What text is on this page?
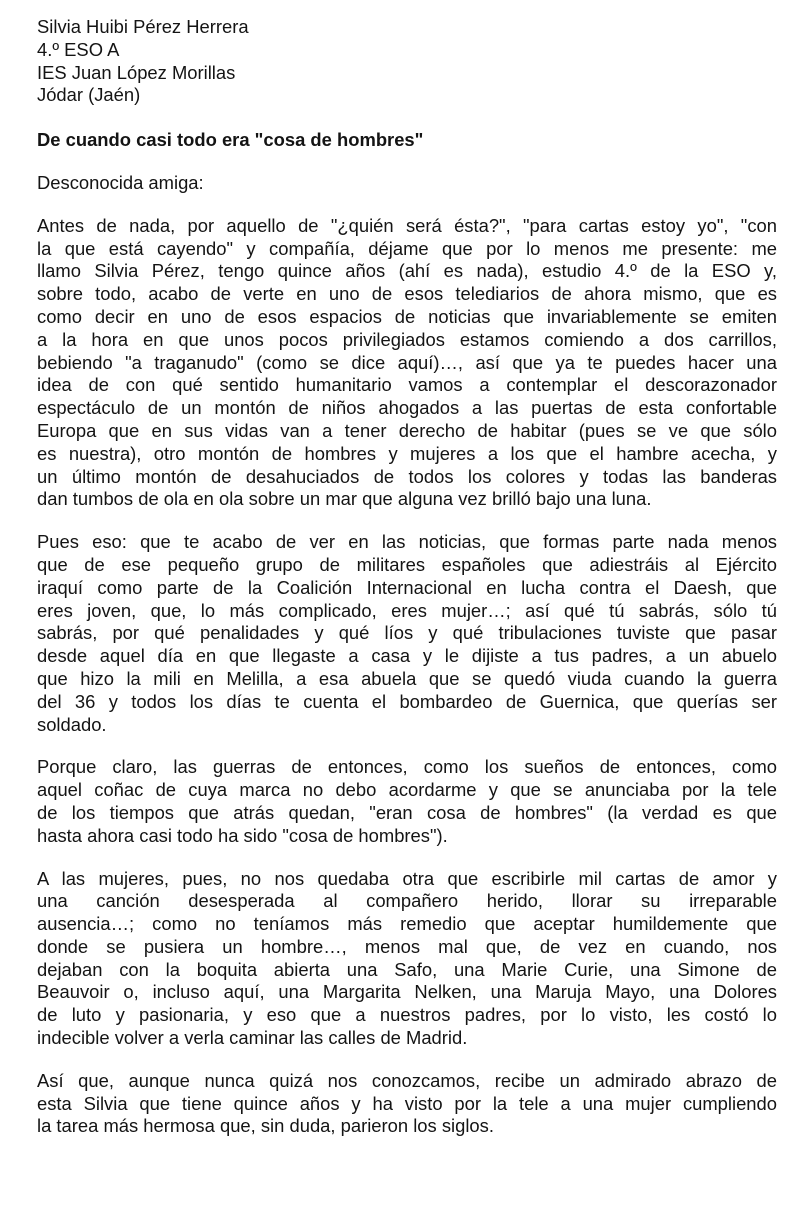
Silvia Huibi Pérez Herrera
4.º ESO A
IES Juan López Morillas
Jódar (Jaén)
De cuando casi todo era "cosa de hombres"
Desconocida amiga:
Antes de nada, por aquello de "¿quién será ésta?", "para cartas estoy yo", "con
la que está cayendo" y compañía, déjame que por lo menos me presente: me
llamo Silvia Pérez, tengo quince años (ahí es nada), estudio 4.º de la ESO y,
sobre todo, acabo de verte en uno de esos telediarios de ahora mismo, que es
como decir en uno de esos espacios de noticias que invariablemente se emiten
a la hora en que unos pocos privilegiados estamos comiendo a dos carrillos,
bebiendo "a traganudo" (como se dice aquí)…, así que ya te puedes hacer una
idea de con qué sentido humanitario vamos a contemplar el descorazonador
espectáculo de un montón de niños ahogados a las puertas de esta confortable
Europa que en sus vidas van a tener derecho de habitar (pues se ve que sólo
es nuestra), otro montón de hombres y mujeres a los que el hambre acecha, y
un último montón de desahuciados de todos los colores y todas las banderas
dan tumbos de ola en ola sobre un mar que alguna vez brilló bajo una luna.
Pues eso: que te acabo de ver en las noticias, que formas parte nada menos
que de ese pequeño grupo de militares españoles que adiestráis al Ejército
iraquí como parte de la Coalición Internacional en lucha contra el Daesh, que
eres joven, que, lo más complicado, eres mujer…; así qué tú sabrás, sólo tú
sabrás, por qué penalidades y qué líos y qué tribulaciones tuviste que pasar
desde aquel día en que llegaste a casa y le dijiste a tus padres, a un abuelo
que hizo la mili en Melilla, a esa abuela que se quedó viuda cuando la guerra
del 36 y todos los días te cuenta el bombardeo de Guernica, que querías ser
soldado.
Porque claro, las guerras de entonces, como los sueños de entonces, como
aquel coñac de cuya marca no debo acordarme y que se anunciaba por la tele
de los tiempos que atrás quedan, "eran cosa de hombres" (la verdad es que
hasta ahora casi todo ha sido "cosa de hombres").
A las mujeres, pues, no nos quedaba otra que escribirle mil cartas de amor y
una canción desesperada al compañero herido, llorar su irreparable
ausencia…; como no teníamos más remedio que aceptar humildemente que
donde se pusiera un hombre…, menos mal que, de vez en cuando, nos
dejaban con la boquita abierta una Safo, una Marie Curie, una Simone de
Beauvoir o, incluso aquí, una Margarita Nelken, una Maruja Mayo, una Dolores
de luto y pasionaria, y eso que a nuestros padres, por lo visto, les costó lo
indecible volver a verla caminar las calles de Madrid.
Así que, aunque nunca quizá nos conozcamos, recibe un admirado abrazo de
esta Silvia que tiene quince años y ha visto por la tele a una mujer cumpliendo
la tarea más hermosa que, sin duda, parieron los siglos.
